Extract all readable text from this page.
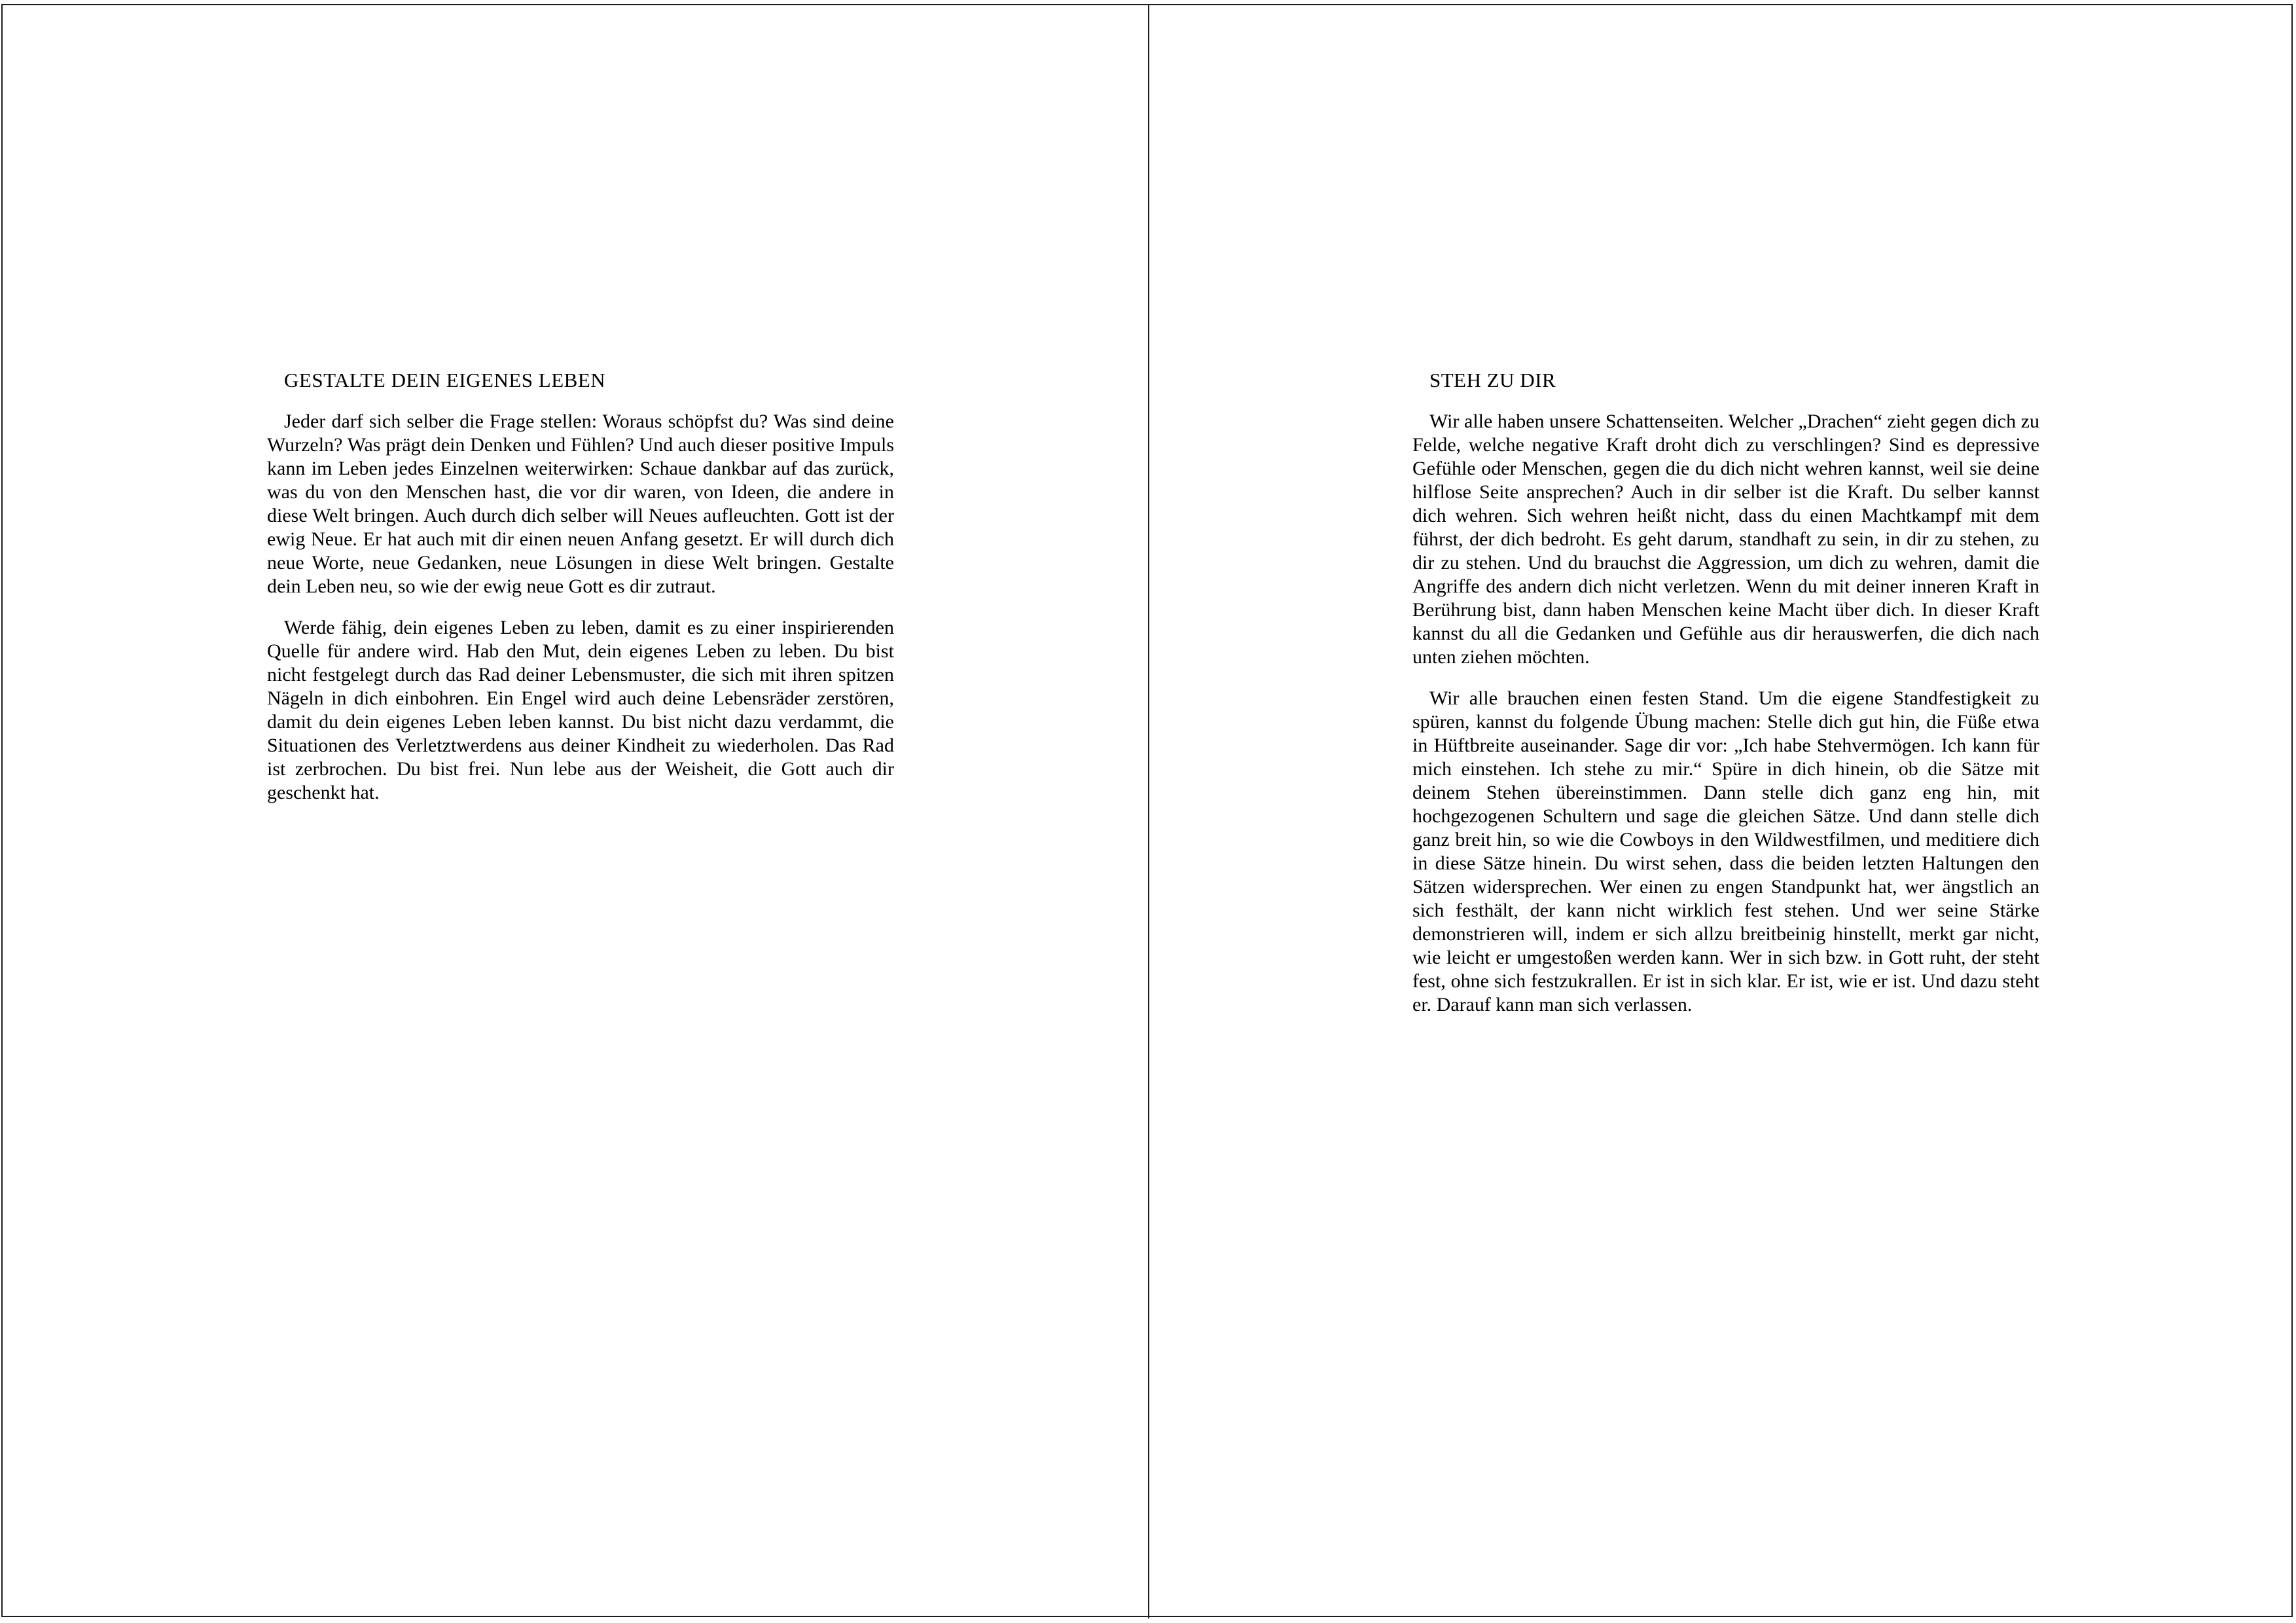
GESTALTE DEIN EIGENES LEBEN

Jeder darf sich selber die Frage stellen: Woraus schöpfst du? Was sind deine Wurzeln? Was prägt dein Denken und Fühlen? Und auch dieser positive Impuls kann im Leben jedes Einzelnen weiterwirken: Schaue dankbar auf das zurück, was du von den Menschen hast, die vor dir waren, von Ideen, die andere in diese Welt bringen. Auch durch dich selber will Neues aufleuchten. Gott ist der ewig Neue. Er hat auch mit dir einen neuen Anfang gesetzt. Er will durch dich neue Worte, neue Gedanken, neue Lösungen in diese Welt bringen. Gestalte dein Leben neu, so wie der ewig neue Gott es dir zutraut.

Werde fähig, dein eigenes Leben zu leben, damit es zu einer inspirierenden Quelle für andere wird. Hab den Mut, dein eigenes Leben zu leben. Du bist nicht festgelegt durch das Rad deiner Lebensmuster, die sich mit ihren spitzen Nägeln in dich einbohren. Ein Engel wird auch deine Lebensräder zerstören, damit du dein eigenes Leben leben kannst. Du bist nicht dazu verdammt, die Situationen des Verletztwerdens aus deiner Kindheit zu wiederholen. Das Rad ist zerbrochen. Du bist frei. Nun lebe aus der Weisheit, die Gott auch dir geschenkt hat.

STEH ZU DIR

Wir alle haben unsere Schattenseiten. Welcher „Drachen“ zieht gegen dich zu Felde, welche negative Kraft droht dich zu verschlingen? Sind es depressive Gefühle oder Menschen, gegen die du dich nicht wehren kannst, weil sie deine hilflose Seite ansprechen? Auch in dir selber ist die Kraft. Du selber kannst dich wehren. Sich wehren heißt nicht, dass du einen Machtkampf mit dem führst, der dich bedroht. Es geht darum, standhaft zu sein, in dir zu stehen, zu dir zu stehen. Und du brauchst die Aggression, um dich zu wehren, damit die Angriffe des andern dich nicht verletzen. Wenn du mit deiner inneren Kraft in Berührung bist, dann haben Menschen keine Macht über dich. In dieser Kraft kannst du all die Gedanken und Gefühle aus dir herauswerfen, die dich nach unten ziehen möchten.

Wir alle brauchen einen festen Stand. Um die eigene Standfestigkeit zu spüren, kannst du folgende Übung machen: Stelle dich gut hin, die Füße etwa in Hüftbreite auseinander. Sage dir vor: „Ich habe Stehvermögen. Ich kann für mich einstehen. Ich stehe zu mir.“ Spüre in dich hinein, ob die Sätze mit deinem Stehen übereinstimmen. Dann stelle dich ganz eng hin, mit hochgezogenen Schultern und sage die gleichen Sätze. Und dann stelle dich ganz breit hin, so wie die Cowboys in den Wildwestfilmen, und meditiere dich in diese Sätze hinein. Du wirst sehen, dass die beiden letzten Haltungen den Sätzen widersprechen. Wer einen zu engen Standpunkt hat, wer ängstlich an sich festhält, der kann nicht wirklich fest stehen. Und wer seine Stärke demonstrieren will, indem er sich allzu breitbeinig hinstellt, merkt gar nicht, wie leicht er umgestoßen werden kann. Wer in sich bzw. in Gott ruht, der steht fest, ohne sich festzukrallen. Er ist in sich klar. Er ist, wie er ist. Und dazu steht er. Darauf kann man sich verlassen.
